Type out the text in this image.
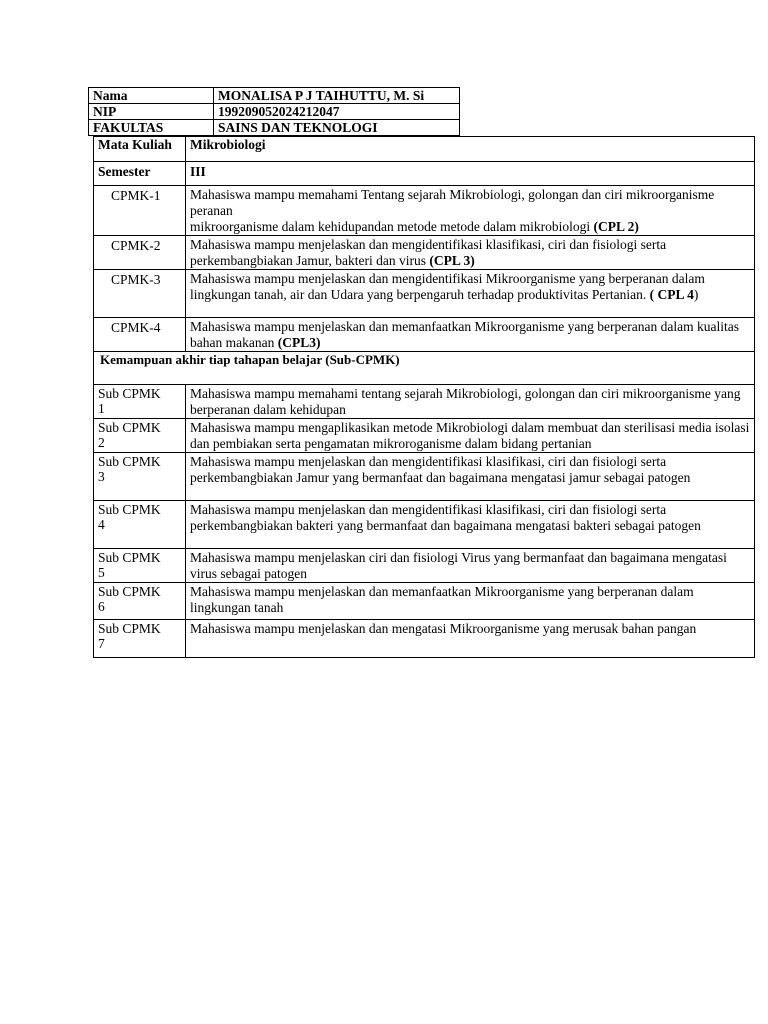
Nama	MONALISA P J TAIHUTTU, M. Si
NIP	199209052024212047
FAKULTAS	SAINS DAN TEKNOLOGI
Mata Kuliah	Mikrobiologi
Semester	III
CPMK-1	Mahasiswa mampu memahami Tentang sejarah Mikrobiologi, golongan dan ciri mikroorganisme peranan
mikroorganisme dalam kehidupandan metode metode dalam mikrobiologi (CPL 2)
CPMK-2	Mahasiswa mampu menjelaskan dan mengidentifikasi klasifikasi, ciri dan fisiologi serta perkembangbiakan Jamur, bakteri dan virus (CPL 3)
CPMK-3	Mahasiswa mampu menjelaskan dan mengidentifikasi Mikroorganisme yang berperanan dalam lingkungan tanah, air dan Udara yang berpengaruh terhadap produktivitas Pertanian. ( CPL 4)
CPMK-4	Mahasiswa mampu menjelaskan dan memanfaatkan Mikroorganisme yang berperanan dalam kualitas bahan makanan (CPL3)
Kemampuan akhir tiap tahapan belajar (Sub-CPMK)	
Sub CPMK
1	Mahasiswa mampu memahami tentang sejarah Mikrobiologi, golongan dan ciri mikroorganisme yang berperanan dalam kehidupan
Sub CPMK
2	Mahasiswa mampu mengaplikasikan metode Mikrobiologi dalam membuat dan sterilisasi media isolasi dan pembiakan serta pengamatan mikroroganisme dalam bidang pertanian
Sub CPMK
3	Mahasiswa mampu menjelaskan dan mengidentifikasi klasifikasi, ciri dan fisiologi serta perkembangbiakan Jamur yang bermanfaat dan bagaimana mengatasi jamur sebagai patogen
Sub CPMK
4	Mahasiswa mampu menjelaskan dan mengidentifikasi klasifikasi, ciri dan fisiologi serta perkembangbiakan bakteri yang bermanfaat dan bagaimana mengatasi bakteri sebagai patogen
Sub CPMK
5	Mahasiswa mampu menjelaskan ciri dan fisiologi Virus yang bermanfaat dan bagaimana mengatasi virus sebagai patogen
Sub CPMK
6	Mahasiswa mampu menjelaskan dan memanfaatkan Mikroorganisme yang berperanan dalam lingkungan tanah
Sub CPMK
7	Mahasiswa mampu menjelaskan dan mengatasi Mikroorganisme yang merusak bahan pangan
